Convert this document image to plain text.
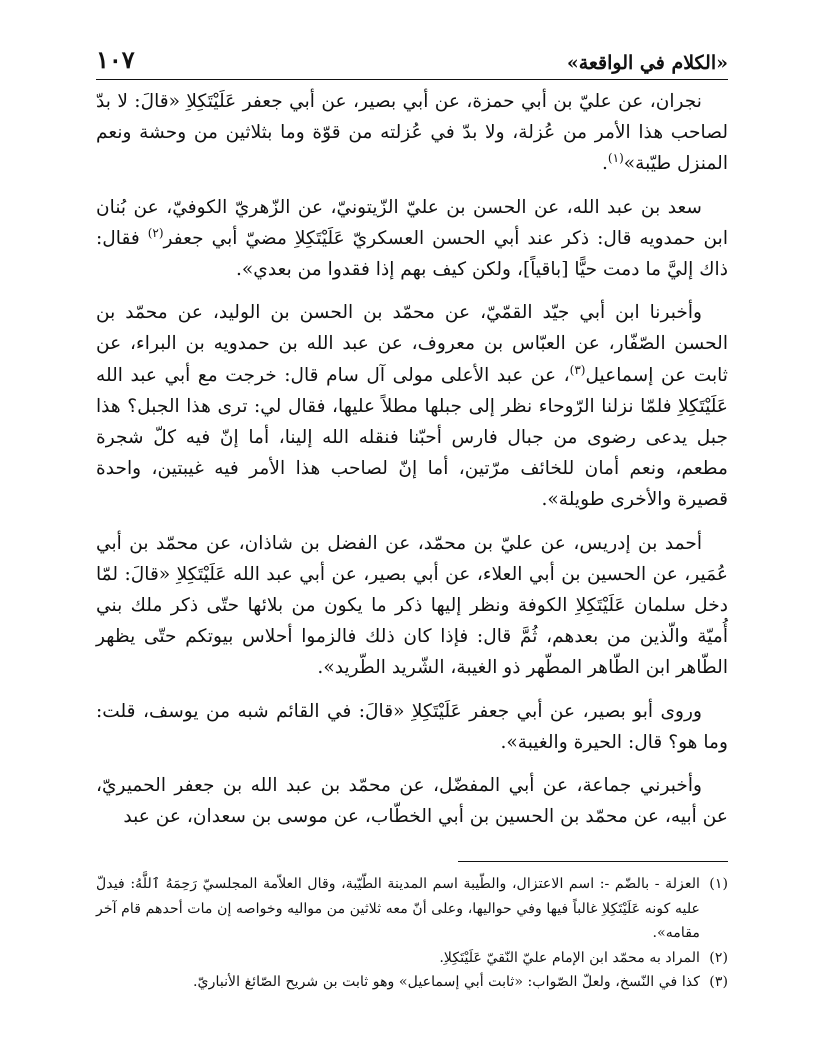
«الكلام في الواقعة»
١٠٧

نجران، عن عليّ بن أبي حمزة، عن أبي بصير، عن أبي جعفر عَلَيْتَكِلاِ «قالَ: لا بدّ لصاحب هذا الأمر من عُزلة، ولا بدّ في عُزلته من قوّة وما بثلاثين من وحشة ونعم المنزل طيّبة»$^{(١)}$.

سعد بن عبد الله، عن الحسن بن عليّ الزّيتونيّ، عن الزّهريّ الكوفيّ، عن بُنان ابن حمدويه قال: ذكر عند أبي الحسن العسكريّ عَلَيْتَكِلاِ مضيّ أبي جعفر$^{(٢)}$ فقال: ذاك إليَّ ما دمت حيًّا [باقياً]، ولكن كيف بهم إذا فقدوا من بعدي».

وأخبرنا ابن أبي جيّد القمّيّ، عن محمّد بن الحسن بن الوليد، عن محمّد بن الحسن الصّفّار، عن العبّاس بن معروف، عن عبد الله بن حمدويه بن البراء، عن ثابت عن إسماعيل$^{(٣)}$، عن عبد الأعلى مولى آل سام قال: خرجت مع أبي عبد الله عَلَيْتَكِلاِ فلمّا نزلنا الرّوحاء نظر إلى جبلها مطلاً عليها، فقال لي: ترى هذا الجبل؟ هذا جبل يدعى رضوى من جبال فارس أحبّنا فنقله الله إلينا، أما إنّ فيه كلّ شجرة مطعم، ونعم أمان للخائف مرّتين، أما إنّ لصاحب هذا الأمر فيه غيبتين، واحدة قصيرة والأخرى طويلة».

أحمد بن إدريس، عن عليّ بن محمّد، عن الفضل بن شاذان، عن محمّد بن أبي عُمَير، عن الحسين بن أبي العلاء، عن أبي بصير، عن أبي عبد الله عَلَيْتَكِلاِ «قالَ: لمّا دخل سلمان عَلَيْتَكِلاِ الكوفة ونظر إليها ذكر ما يكون من بلائها حتّى ذكر ملك بني أُميّة والّذين من بعدهم، ثُمَّ قال: فإذا كان ذلك فالزموا أحلاس بيوتكم حتّى يظهر الطّاهر ابن الطّاهر المطّهر ذو الغيبة، الشّريد الطّريد».

وروى أبو بصير، عن أبي جعفر عَلَيْتَكِلاِ «قالَ: في القائم شبه من يوسف، قلت: وما هو؟ قال: الحيرة والغيبة».

وأخبرني جماعة، عن أبي المفضّل، عن محمّد بن عبد الله بن جعفر الحميريّ، عن أبيه، عن محمّد بن الحسين بن أبي الخطّاب، عن موسى بن سعدان، عن عبد

(١)
العزلة - بالضّم -: اسم الاعتزال، والطّيبة اسم المدينة الطّيّبة، وقال العلاّمة المجلسيّ رَحِمَهُ ٱللَّهُ: فيدلّ عليه كونه عَلَيْتَكِلاِ غالباً فيها وفي حواليها، وعلى أنّ معه ثلاثين من مواليه وخواصه إن مات أحدهم قام آخر مقامه».
(٢)
المراد به محمّد ابن الإمام عليّ النّقيّ عَلَيْتَكِلاِ.
(٣)
كذا في النّسخ، ولعلّ الصّواب: «ثابت أبي إسماعيل» وهو ثابت بن شريح الصّائغ الأنباريّ.
